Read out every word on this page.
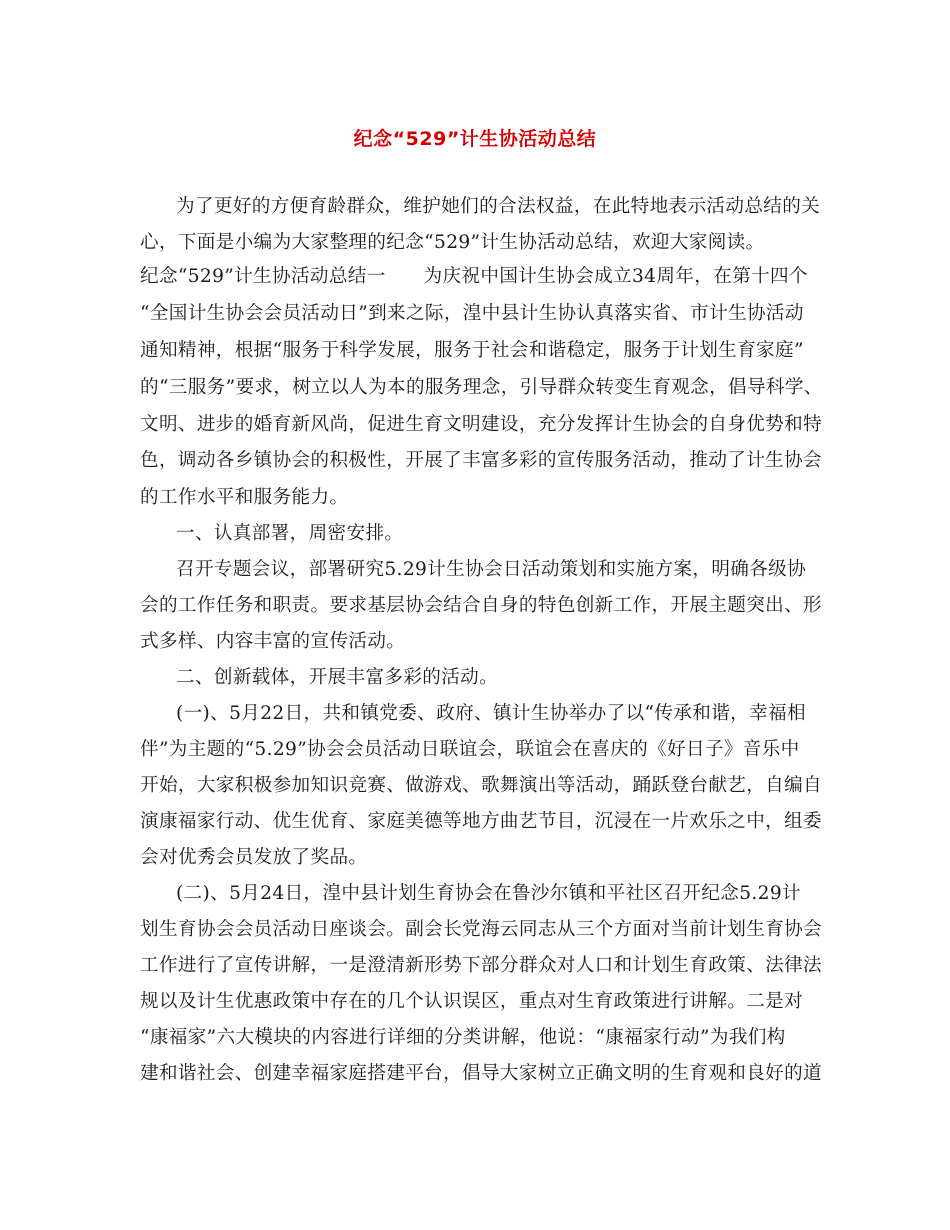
纪念“529”计生协活动总结
为了更好的方便育龄群众，维护她们的合法权益，在此特地表示活动总结的关
心，下面是小编为大家整理的纪念“529”计生协活动总结，欢迎大家阅读。
纪念“529”计生协活动总结一　　为庆祝中国计生协会成立34周年，在第十四个
“全国计生协会会员活动日”到来之际，湟中县计生协认真落实省、市计生协活动
通知精神，根据“服务于科学发展，服务于社会和谐稳定，服务于计划生育家庭”
的“三服务”要求，树立以人为本的服务理念，引导群众转变生育观念，倡导科学、
文明、进步的婚育新风尚，促进生育文明建设，充分发挥计生协会的自身优势和特
色，调动各乡镇协会的积极性，开展了丰富多彩的宣传服务活动，推动了计生协会
的工作水平和服务能力。
一、认真部署，周密安排。
召开专题会议，部署研究5.29计生协会日活动策划和实施方案，明确各级协
会的工作任务和职责。要求基层协会结合自身的特色创新工作，开展主题突出、形
式多样、内容丰富的宣传活动。
二、创新载体，开展丰富多彩的活动。
(一)、5月22日，共和镇党委、政府、镇计生协举办了以“传承和谐，幸福相
伴”为主题的“5.29”协会会员活动日联谊会，联谊会在喜庆的《好日子》音乐中
开始，大家积极参加知识竞赛、做游戏、歌舞演出等活动，踊跃登台献艺，自编自
演康福家行动、优生优育、家庭美德等地方曲艺节目，沉浸在一片欢乐之中，组委
会对优秀会员发放了奖品。
(二)、5月24日，湟中县计划生育协会在鲁沙尔镇和平社区召开纪念5.29计
划生育协会会员活动日座谈会。副会长党海云同志从三个方面对当前计划生育协会
工作进行了宣传讲解，一是澄清新形势下部分群众对人口和计划生育政策、法律法
规以及计生优惠政策中存在的几个认识误区，重点对生育政策进行讲解。二是对
“康福家”六大模块的内容进行详细的分类讲解，他说：“康福家行动”为我们构
建和谐社会、创建幸福家庭搭建平台，倡导大家树立正确文明的生育观和良好的道
